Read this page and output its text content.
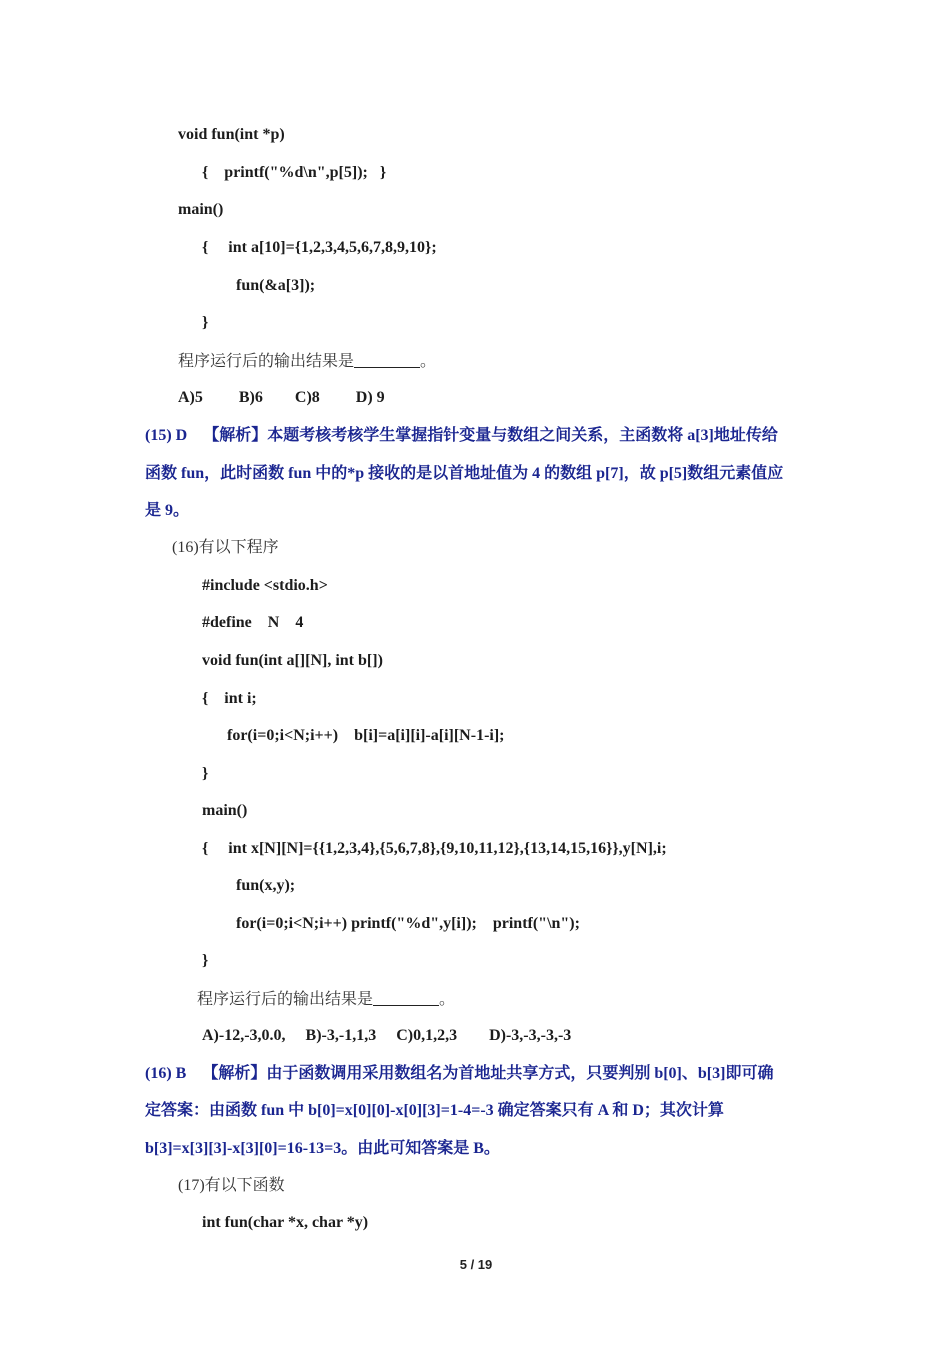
void fun(int *p)
{    printf("%d\n",p[5]);   }
main()
{     int a[10]={1,2,3,4,5,6,7,8,9,10};
fun(&a[3]);
}
程序运行后的输出结果是	。
A)5         B)6        C)8         D) 9
(15) D    【解析】本题考核考核学生掌握指针变量与数组之间关系，主函数将 a[3]地址传给
函数 fun，此时函数 fun 中的*p 接收的是以首地址值为 4 的数组 p[7]，故 p[5]数组元素值应
是 9。
(16)有以下程序
#include <stdio.h>
#define    N    4
void fun(int a[][N], int b[])
{    int i;
for(i=0;i<N;i++)    b[i]=a[i][i]-a[i][N-1-i];
}
main()
{     int x[N][N]={{1,2,3,4},{5,6,7,8},{9,10,11,12},{13,14,15,16}},y[N],i;
fun(x,y);
for(i=0;i<N;i++) printf("%d",y[i]);    printf("\n");
}
程序运行后的输出结果是	。
A)-12,-3,0.0,     B)-3,-1,1,3     C)0,1,2,3        D)-3,-3,-3,-3
(16) B    【解析】由于函数调用采用数组名为首地址共享方式，只要判别 b[0]、b[3]即可确
定答案：由函数 fun 中 b[0]=x[0][0]-x[0][3]=1-4=-3 确定答案只有 A 和 D；其次计算
b[3]=x[3][3]-x[3][0]=16-13=3。由此可知答案是 B。
(17)有以下函数
int fun(char *x, char *y)
5 / 19
